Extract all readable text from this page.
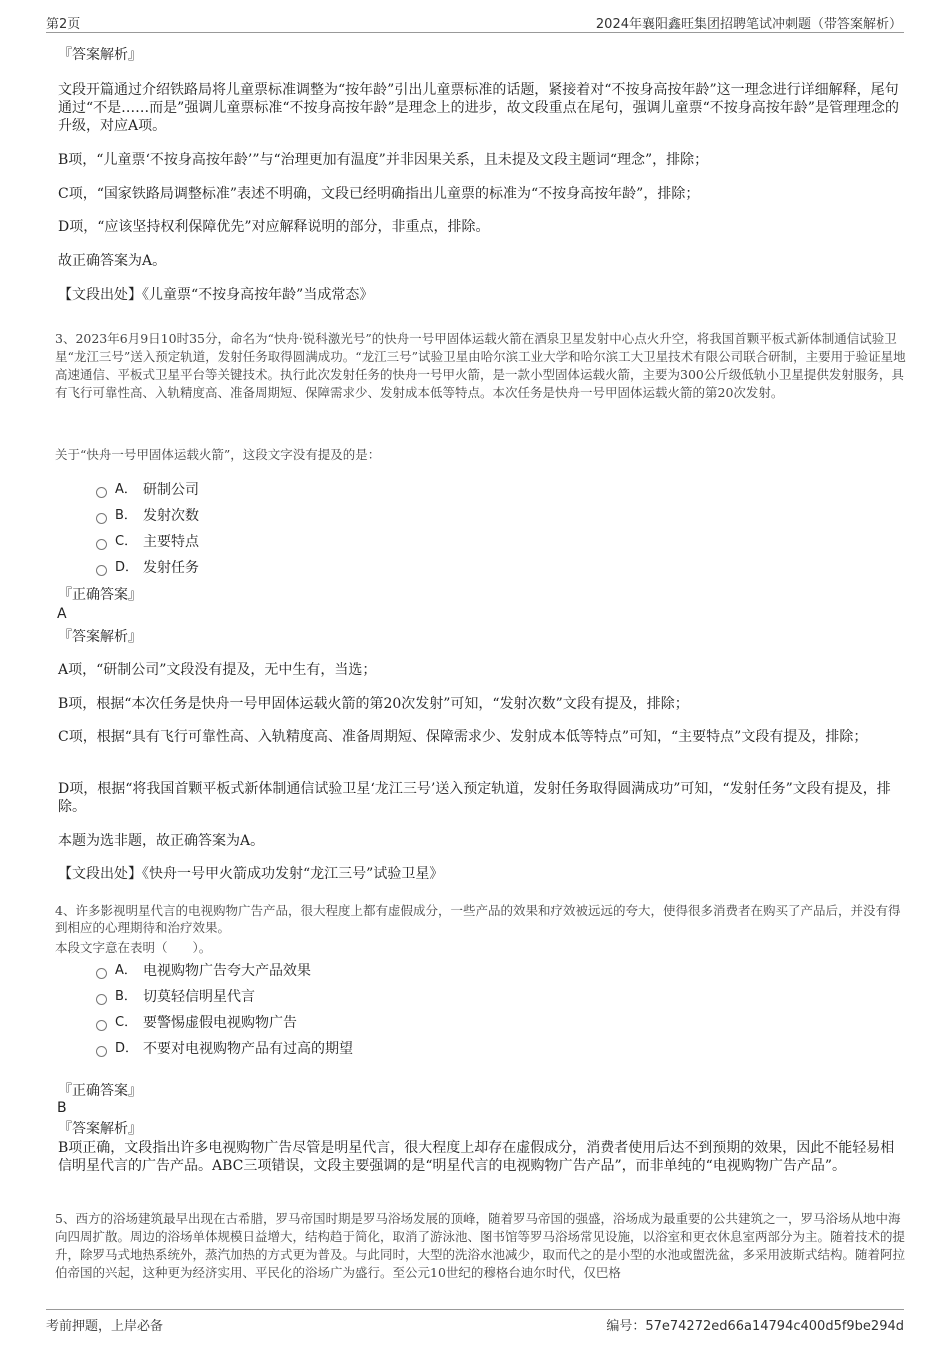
第2页	2024年襄阳鑫旺集团招聘笔试冲刺题（带答案解析）
『答案解析』

文段开篇通过介绍铁路局将儿童票标准调整为“按年龄”引出儿童票标准的话题，紧接着对“不按身高按年龄”这一理念进行详细解释，尾句通过“不是……而是”强调儿童票标准“不按身高按年龄”是理念上的进步，故文段重点在尾句，强调儿童票“不按身高按年龄”是管理理念的升级，对应A项。

B项，“儿童票‘不按身高按年龄’”与“治理更加有温度”并非因果关系，且未提及文段主题词“理念”，排除；

C项，“国家铁路局调整标准”表述不明确，文段已经明确指出儿童票的标准为“不按身高按年龄”，排除；

D项，“应该坚持权利保障优先”对应解释说明的部分，非重点，排除。

故正确答案为A。

【文段出处】《儿童票“不按身高按年龄”当成常态》

3、2023年6月9日10时35分，命名为“快舟·锐科激光号”的快舟一号甲固体运载火箭在酒泉卫星发射中心点火升空，将我国首颗平板式新体制通信试验卫星“龙江三号”送入预定轨道，发射任务取得圆满成功。“龙江三号”试验卫星由哈尔滨工业大学和哈尔滨工大卫星技术有限公司联合研制，主要用于验证星地高速通信、平板式卫星平台等关键技术。执行此次发射任务的快舟一号甲火箭，是一款小型固体运载火箭，主要为300公斤级低轨小卫星提供发射服务，具有飞行可靠性高、入轨精度高、准备周期短、保障需求少、发射成本低等特点。本次任务是快舟一号甲固体运载火箭的第20次发射。

关于“快舟一号甲固体运载火箭”，这段文字没有提及的是：

A． 研制公司
B． 发射次数
C． 主要特点
D． 发射任务
『正确答案』
A
『答案解析』

A项，“研制公司”文段没有提及，无中生有，当选；

B项，根据“本次任务是快舟一号甲固体运载火箭的第20次发射”可知，“发射次数”文段有提及，排除；

C项，根据“具有飞行可靠性高、入轨精度高、准备周期短、保障需求少、发射成本低等特点”可知，“主要特点”文段有提及，排除；

D项，根据“将我国首颗平板式新体制通信试验卫星‘龙江三号’送入预定轨道，发射任务取得圆满成功”可知，“发射任务”文段有提及，排除。

本题为选非题，故正确答案为A。

【文段出处】《快舟一号甲火箭成功发射“龙江三号”试验卫星》

4、许多影视明星代言的电视购物广告产品，很大程度上都有虚假成分，一些产品的效果和疗效被远远的夸大，使得很多消费者在购买了产品后，并没有得到相应的心理期待和治疗效果。

本段文字意在表明（　　）。

A． 电视购物广告夸大产品效果
B． 切莫轻信明星代言
C． 要警惕虚假电视购物广告
D． 不要对电视购物产品有过高的期望
『正确答案』
B
『答案解析』

B项正确，文段指出许多电视购物广告尽管是明星代言，很大程度上却存在虚假成分，消费者使用后达不到预期的效果，因此不能轻易相信明星代言的广告产品。ABC三项错误，文段主要强调的是“明星代言的电视购物广告产品”，而非单纯的“电视购物广告产品”。

5、西方的浴场建筑最早出现在古希腊，罗马帝国时期是罗马浴场发展的顶峰，随着罗马帝国的强盛，浴场成为最重要的公共建筑之一，罗马浴场从地中海向四周扩散。周边的浴场单体规模日益增大，结构趋于简化，取消了游泳池、图书馆等罗马浴场常见设施，以浴室和更衣休息室两部分为主。随着技术的提升，除罗马式地热系统外，蒸汽加热的方式更为普及。与此同时，大型的洗浴水池减少，取而代之的是小型的水池或盥洗盆，多采用波斯式结构。随着阿拉伯帝国的兴起，这种更为经济实用、平民化的浴场广为盛行。至公元10世纪的穆格台迪尔时代，仅巴格

考前押题，上岸必备	编号：57e74272ed66a14794c400d5f9be294d
